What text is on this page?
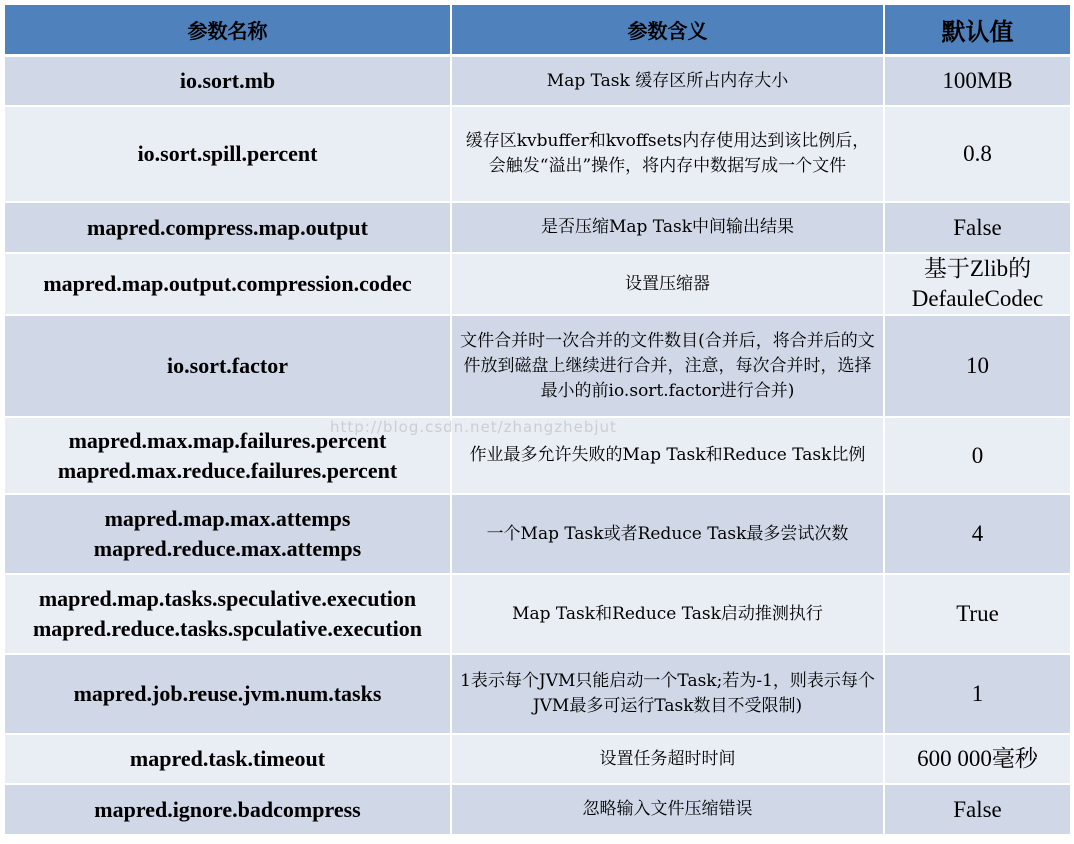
参数名称	参数含义	默认值

io.sort.mb	Map Task 缓存区所占内存大小	100MB

io.sort.spill.percent	缓存区kvbuffer和kvoffsets内存使用达到该比例后，会触发“溢出”操作，将内存中数据写成一个文件	0.8

mapred.compress.map.output	是否压缩Map Task中间输出结果	False

mapred.map.output.compression.codec	设置压缩器	基于Zlib的
DefauleCodec

io.sort.factor	文件合并时一次合并的文件数目(合并后，将合并后的文件放到磁盘上继续进行合并，注意，每次合并时，选择最小的前io.sort.factor进行合并)	10

mapred.max.map.failures.percent
mapred.max.reduce.failures.percent	作业最多允许失败的Map Task和Reduce Task比例	0

mapred.map.max.attemps
mapred.reduce.max.attemps	一个Map Task或者Reduce Task最多尝试次数	4

mapred.map.tasks.speculative.execution
mapred.reduce.tasks.spculative.execution	Map Task和Reduce Task启动推测执行	True

mapred.job.reuse.jvm.num.tasks	1表示每个JVM只能启动一个Task;若为-1，则表示每个JVM最多可运行Task数目不受限制)	1

mapred.task.timeout	设置任务超时时间	600 000毫秒

mapred.ignore.badcompress	忽略输入文件压缩错误	False
http://blog.csdn.net/zhangzhebjut
